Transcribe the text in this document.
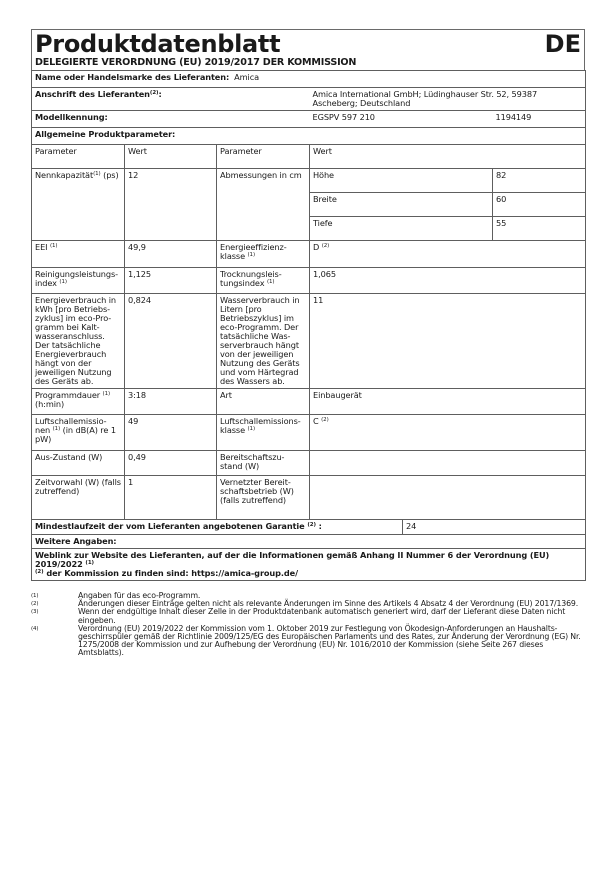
Produktdatenblatt	DE
DELEGIERTE VERORDNUNG (EU) 2019/2017 DER KOMMISSION
Name oder Handelsmarke des Lieferanten: Amica					
Anschrift des Lieferanten$^{(2)}$:			Amica International GmbH; Lüdinghauser Str. 52, 59387 Ascheberg; Deutschland		
Modellkennung:			EGSPV 597 210		1194149
Allgemeine Produktparameter:					
Parameter	Wert	Parameter	Wert		
Nennkapazität$^{(1)}$ (ps)	12	Abmessungen in cm	Höhe		82
			Breite		60
			Tiefe		55
EEI $^{(1)}$	49,9	Energieeffizienz-klasse $^{(1)}$	D $^{(2)}$
Reinigungsleistungs-index $^{(1)}$	1,125	Trocknungsleis-tungsindex $^{(1)}$	1,065		
Energieverbrauch in kWh [pro Betriebs-zyklus] im eco-Pro-gramm bei Kalt-wasseranschluss. Der tatsächliche Energieverbrauch hängt von der jeweiligen Nutzung des Geräts ab.	0,824	Wasserverbrauch in Litern [pro Betriebszyklus] im eco-Programm. Der tatsächliche Was-serverbrauch hängt von der jeweiligen Nutzung des Geräts und vom Härtegrad des Wassers ab.	11		
Programmdauer $^{(1)}$ (h:min)	3:18	Art	Einbaugerät		
Luftschallemissio-nen $^{(1)}$ (in dB(A) re 1 pW)	49	Luftschallemissions-klasse $^{(1)}$	C $^{(2)}$
Aus-Zustand (W)	0,49	Bereitschaftszu-stand (W)			
Zeitvorwahl (W) (falls zutreffend)	1	Vernetzter Bereit-schaftsbetrieb (W) (falls zutreffend)			
Mindestlaufzeit der vom Lieferanten angebotenen Garantie $^{(2)}$ :				24	
Weitere Angaben:					
Weblink zur Website des Lieferanten, auf der die Informationen gemäß Anhang II Nummer 6 der Verordnung (EU) 2019/2022 $^{(1)}$
$^{(2)}$ der Kommission zu finden sind: https://amica-group.de/					
(1)	Angaben für das eco-Programm.
(2)	Änderungen dieser Einträge gelten nicht als relevante Änderungen im Sinne des Artikels 4 Absatz 4 der Verordnung (EU) 2017/1369.
(3)	Wenn der endgültige Inhalt dieser Zelle in der Produktdatenbank automatisch generiert wird, darf der Lieferant diese Daten nicht eingeben.
(4)	Verordnung (EU) 2019/2022 der Kommission vom 1. Oktober 2019 zur Festlegung von Ökodesign-Anforderungen an Haushalts-geschirrspüler gemäß der Richtlinie 2009/125/EG des Europäischen Parlaments und des Rates, zur Änderung der Verordnung (EG) Nr. 1275/2008 der Kommission und zur Aufhebung der Verordnung (EU) Nr. 1016/2010 der Kommission (siehe Seite 267 dieses Amtsblatts).
